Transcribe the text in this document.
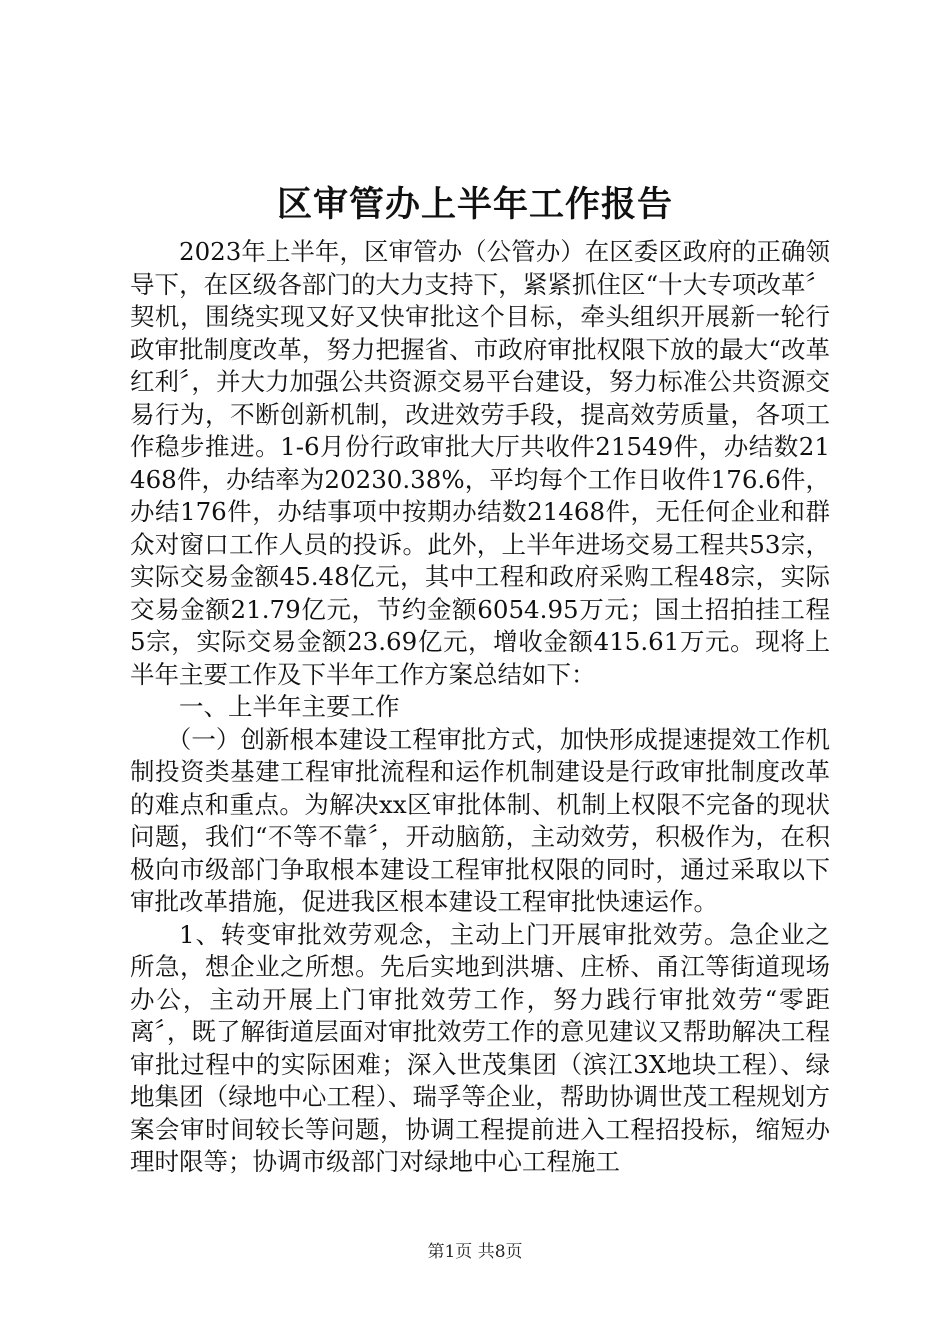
区审管办上半年工作报告

2023年上半年，区审管办（公管办）在区委区政府的正确领导下，在区级各部门的大力支持下，紧紧抓住区“十大专项改革〞契机，围绕实现又好又快审批这个目标，牵头组织开展新一轮行政审批制度改革，努力把握省、市政府审批权限下放的最大“改革红利〞，并大力加强公共资源交易平台建设，努力标准公共资源交易行为，不断创新机制，改进效劳手段，提高效劳质量，各项工作稳步推进。1-6月份行政审批大厅共收件21549件，办结数21468件，办结率为20230.38%，平均每个工作日收件176.6件，办结176件，办结事项中按期办结数21468件，无任何企业和群众对窗口工作人员的投诉。此外，上半年进场交易工程共53宗，实际交易金额45.48亿元，其中工程和政府采购工程48宗，实际交易金额21.79亿元，节约金额6054.95万元；国土招拍挂工程5宗，实际交易金额23.69亿元，增收金额415.61万元。现将上半年主要工作及下半年工作方案总结如下：

一、上半年主要工作

（一）创新根本建设工程审批方式，加快形成提速提效工作机制投资类基建工程审批流程和运作机制建设是行政审批制度改革的难点和重点。为解决xx区审批体制、机制上权限不完备的现状问题，我们“不等不靠〞，开动脑筋，主动效劳，积极作为，在积极向市级部门争取根本建设工程审批权限的同时，通过采取以下审批改革措施，促进我区根本建设工程审批快速运作。

1、转变审批效劳观念，主动上门开展审批效劳。急企业之所急，想企业之所想。先后实地到洪塘、庄桥、甬江等街道现场办公，主动开展上门审批效劳工作，努力践行审批效劳“零距离〞，既了解街道层面对审批效劳工作的意见建议又帮助解决工程审批过程中的实际困难；深入世茂集团（滨江3X地块工程）、绿地集团（绿地中心工程）、瑞孚等企业，帮助协调世茂工程规划方案会审时间较长等问题，协调工程提前进入工程招投标，缩短办理时限等；协调市级部门对绿地中心工程施工

第1页 共8页
